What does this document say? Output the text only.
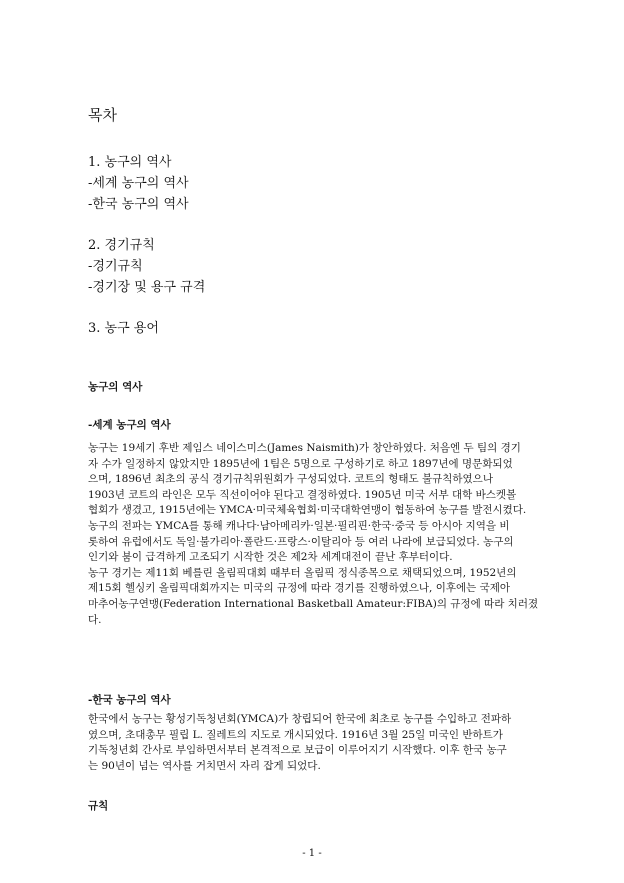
목차
1. 농구의 역사
-세계 농구의 역사
-한국 농구의 역사
2. 경기규칙
-경기규칙
-경기장 및 용구 규격
3. 농구 용어
농구의 역사
-세계 농구의 역사
농구는 19세기 후반 제임스 네이스미스(James Naismith)가 창안하였다. 처음엔 두 팀의 경기
자 수가 일정하지 않았지만 1895년에 1팀은 5명으로 구성하기로 하고 1897년에 명문화되었
으며, 1896년 최초의 공식 경기규칙위원회가 구성되었다. 코트의 형태도 불규칙하였으나
1903년 코트의 라인은 모두 직선이어야 된다고 결정하였다. 1905년 미국 서부 대학 바스켓볼
협회가 생겼고, 1915년에는 YMCA·미국체육협회·미국대학연맹이 협동하여 농구를 발전시켰다.
농구의 전파는 YMCA를 통해 캐나다·남아메리카·일본·필리핀·한국·중국 등 아시아 지역을 비
롯하여 유럽에서도 독일·불가리아·폴란드·프랑스·이탈리아 등 여러 나라에 보급되었다. 농구의
인기와 붐이 급격하게 고조되기 시작한 것은 제2차 세계대전이 끝난 후부터이다.
농구 경기는 제11회 베를린 올림픽대회 때부터 올림픽 정식종목으로 채택되었으며, 1952년의
제15회 헬싱키 올림픽대회까지는 미국의 규정에 따라 경기를 진행하였으나, 이후에는 국제아
마추어농구연맹(Federation International Basketball Amateur:FIBA)의 규정에 따라 치러졌
다.
-한국 농구의 역사
한국에서 농구는 황성기독청년회(YMCA)가 창립되어 한국에 최초로 농구를 수입하고 전파하
였으며, 초대총무 필립 L. 질레트의 지도로 개시되었다. 1916년 3월 25일 미국인 반하트가
기독청년회 간사로 부임하면서부터 본격적으로 보급이 이루어지기 시작했다. 이후 한국 농구
는 90년이 넘는 역사를 거치면서 자리 잡게 되었다.
규칙
- 1 -
